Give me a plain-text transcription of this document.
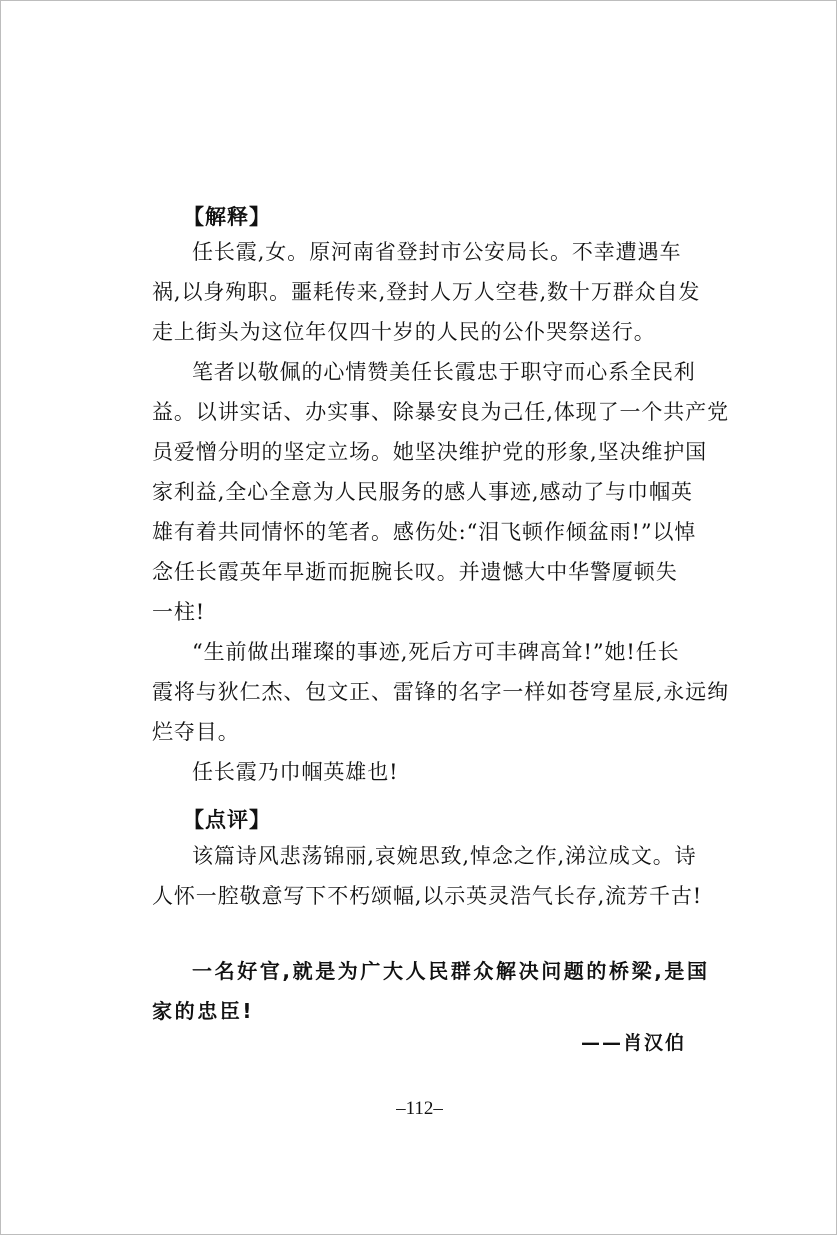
【解释】
任长霞,女。原河南省登封市公安局长。不幸遭遇车
祸,以身殉职。噩耗传来,登封人万人空巷,数十万群众自发
走上街头为这位年仅四十岁的人民的公仆哭祭送行。
笔者以敬佩的心情赞美任长霞忠于职守而心系全民利
益。以讲实话、办实事、除暴安良为己任,体现了一个共产党
员爱憎分明的坚定立场。她坚决维护党的形象,坚决维护国
家利益,全心全意为人民服务的感人事迹,感动了与巾帼英
雄有着共同情怀的笔者。感伤处:“泪飞顿作倾盆雨!”以悼
念任长霞英年早逝而扼腕长叹。并遗憾大中华警厦顿失
一柱!
“生前做出璀璨的事迹,死后方可丰碑高耸!”她!任长
霞将与狄仁杰、包文正、雷锋的名字一样如苍穹星辰,永远绚
烂夺目。
任长霞乃巾帼英雄也!
【点评】
该篇诗风悲荡锦丽,哀婉思致,悼念之作,涕泣成文。诗
人怀一腔敬意写下不朽颂幅,以示英灵浩气长存,流芳千古!
一名好官,就是为广大人民群众解决问题的桥梁,是国
家的忠臣!
——肖汉伯
–112–
